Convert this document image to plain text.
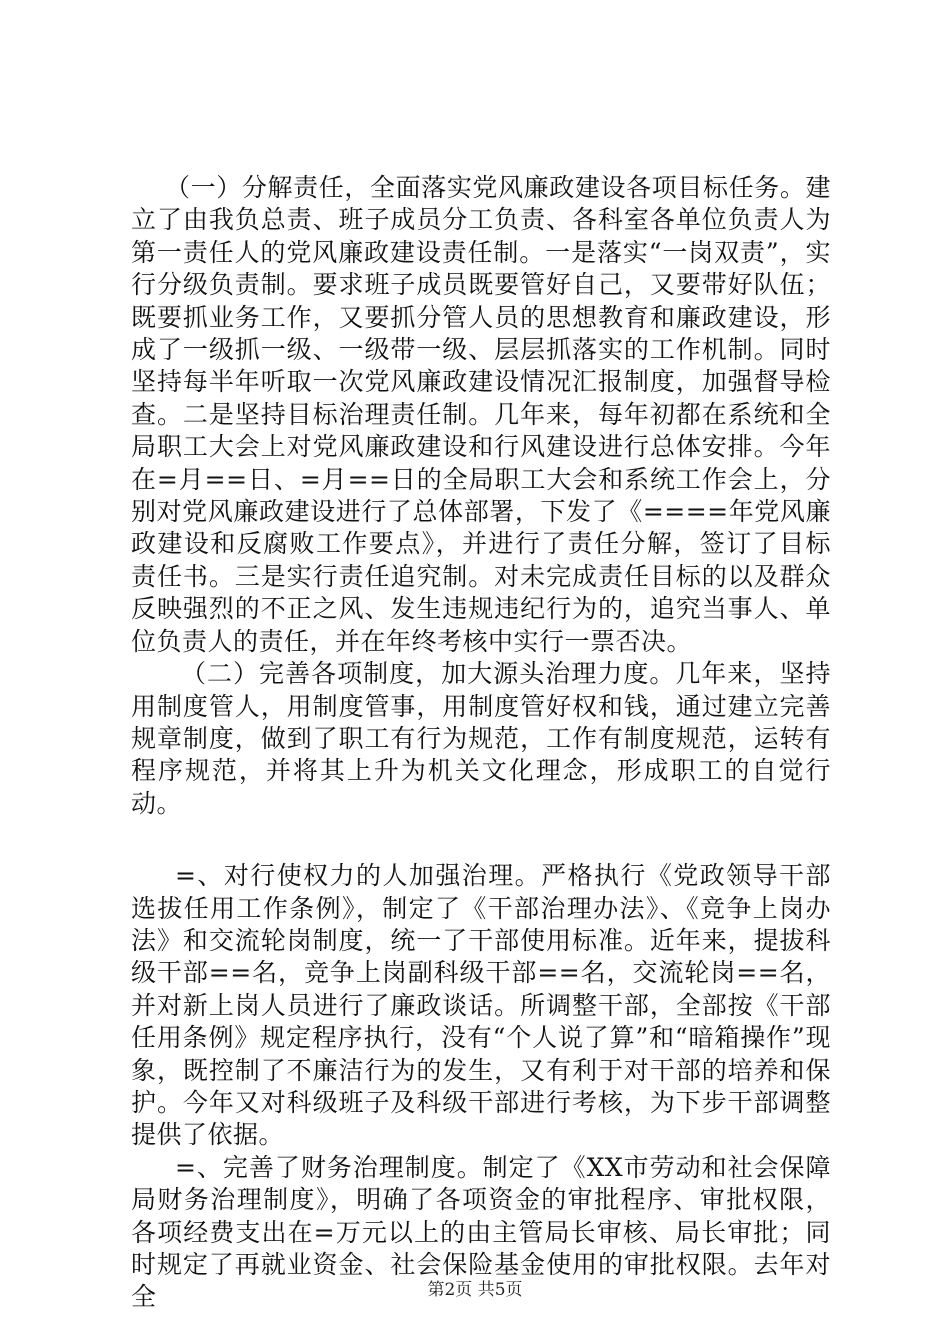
（一）分解责任，全面落实党风廉政建设各项目标任务。建立了由我负总责、班子成员分工负责、各科室各单位负责人为第一责任人的党风廉政建设责任制。一是落实“一岗双责”，实行分级负责制。要求班子成员既要管好自己，又要带好队伍；既要抓业务工作，又要抓分管人员的思想教育和廉政建设，形成了一级抓一级、一级带一级、层层抓落实的工作机制。同时坚持每半年听取一次党风廉政建设情况汇报制度，加强督导检查。二是坚持目标治理责任制。几年来，每年初都在系统和全局职工大会上对党风廉政建设和行风建设进行总体安排。今年在=月==日、=月==日的全局职工大会和系统工作会上，分别对党风廉政建设进行了总体部署，下发了《====年党风廉政建设和反腐败工作要点》，并进行了责任分解，签订了目标责任书。三是实行责任追究制。对未完成责任目标的以及群众反映强烈的不正之风、发生违规违纪行为的，追究当事人、单位负责人的责任，并在年终考核中实行一票否决。

（二）完善各项制度，加大源头治理力度。几年来，坚持用制度管人，用制度管事，用制度管好权和钱，通过建立完善规章制度，做到了职工有行为规范，工作有制度规范，运转有程序规范，并将其上升为机关文化理念，形成职工的自觉行动。

=、对行使权力的人加强治理。严格执行《党政领导干部选拔任用工作条例》，制定了《干部治理办法》、《竞争上岗办法》和交流轮岗制度，统一了干部使用标准。近年来，提拔科级干部==名，竞争上岗副科级干部==名，交流轮岗==名，并对新上岗人员进行了廉政谈话。所调整干部，全部按《干部任用条例》规定程序执行，没有“个人说了算”和“暗箱操作”现象，既控制了不廉洁行为的发生，又有利于对干部的培养和保护。今年又对科级班子及科级干部进行考核，为下步干部调整提供了依据。

=、完善了财务治理制度。制定了《XX市劳动和社会保障局财务治理制度》，明确了各项资金的审批程序、审批权限，各项经费支出在=万元以上的由主管局长审核、局长审批；同时规定了再就业资金、社会保险基金使用的审批权限。去年对全	第2页 共5页
